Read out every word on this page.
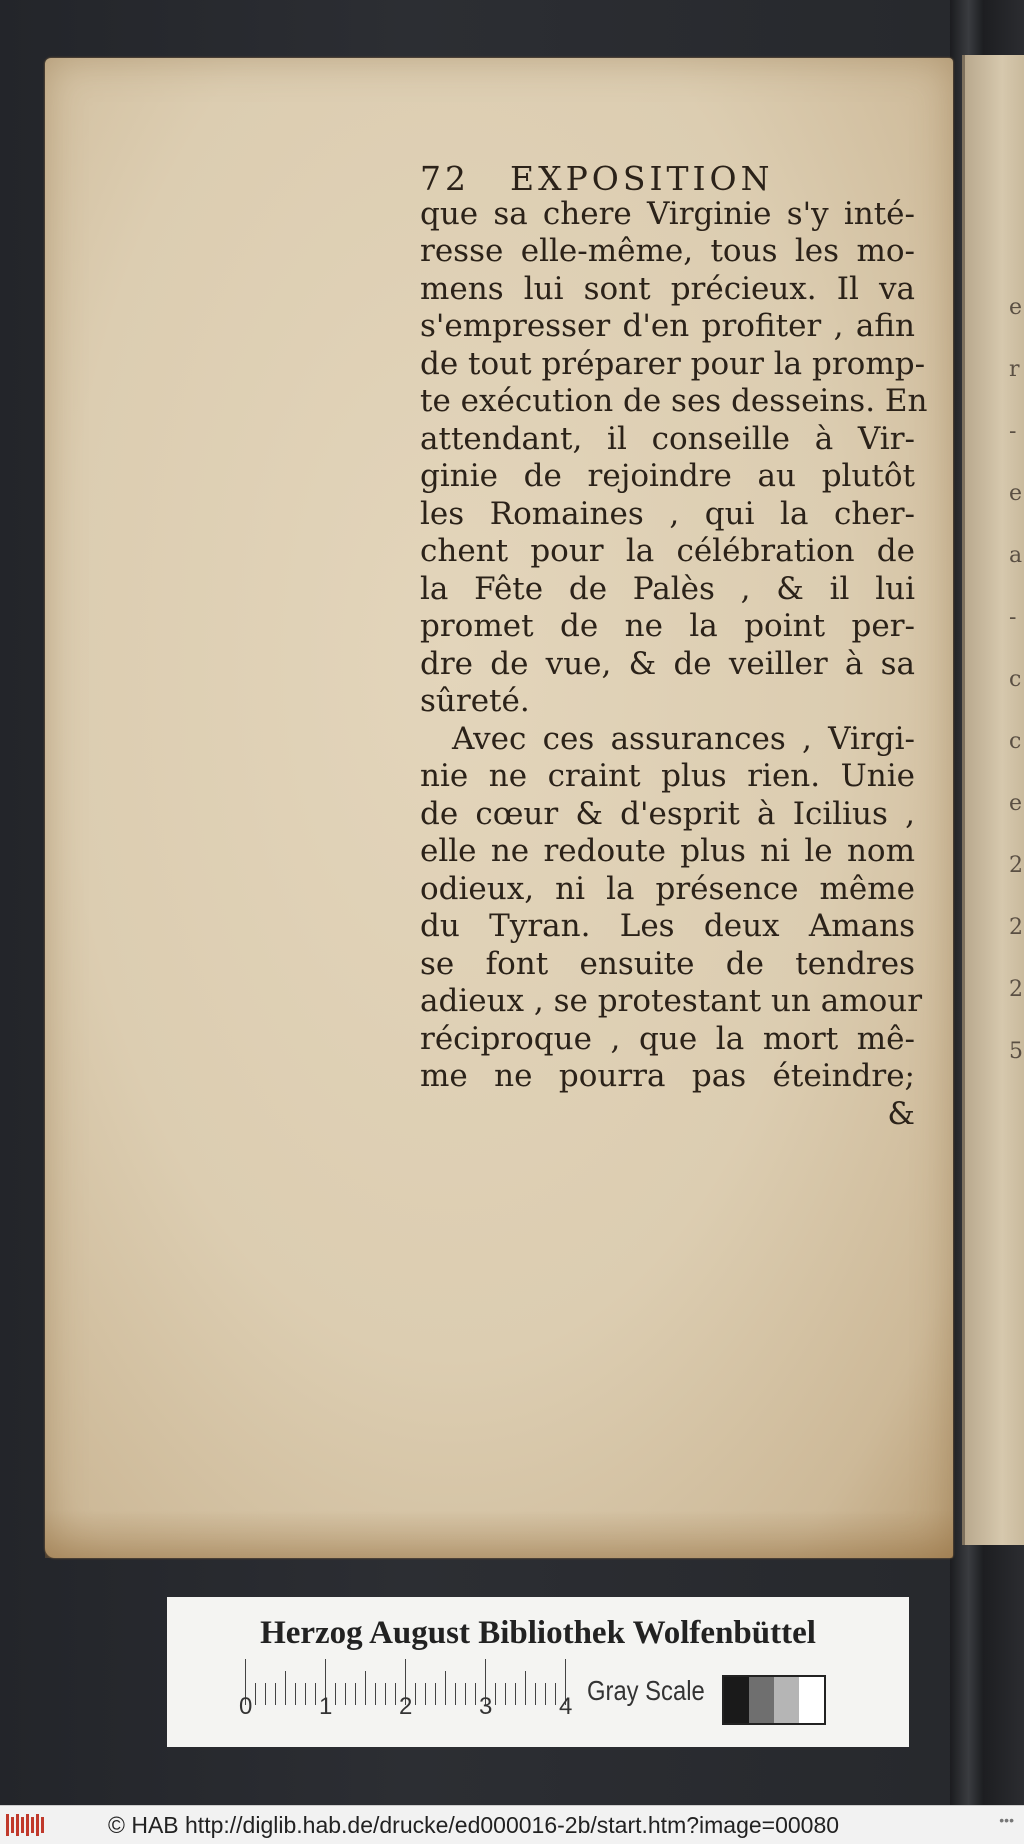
e
r
-
e
a
-
c
c
e
2
2
2
5
72 EXPOSITION
que sa chere Virginie s'y inté-
resse elle-même, tous les mo-
mens lui sont précieux. Il va
s'empresser d'en profiter , afin
de tout préparer pour la promp-
te exécution de ses desseins. En
attendant, il conseille à Vir-
ginie de rejoindre au plutôt
les Romaines , qui la cher-
chent pour la célébration de
la Fête de Palès , & il lui
promet de ne la point per-
dre de vue, & de veiller à sa
sûreté.
Avec ces assurances , Virgi-
nie ne craint plus rien. Unie
de cœur & d'esprit à Icilius ,
elle ne redoute plus ni le nom
odieux, ni la présence même
du Tyran. Les deux Amans
se font ensuite de tendres
adieux , se protestant un amour
réciproque , que la mort mê-
me ne pourra pas éteindre;
&
Herzog August Bibliothek Wolfenbüttel
Gray Scale
0	1	2	3	4
© HAB http://diglib.hab.de/drucke/ed000016-2b/start.htm?image=00080	•••
